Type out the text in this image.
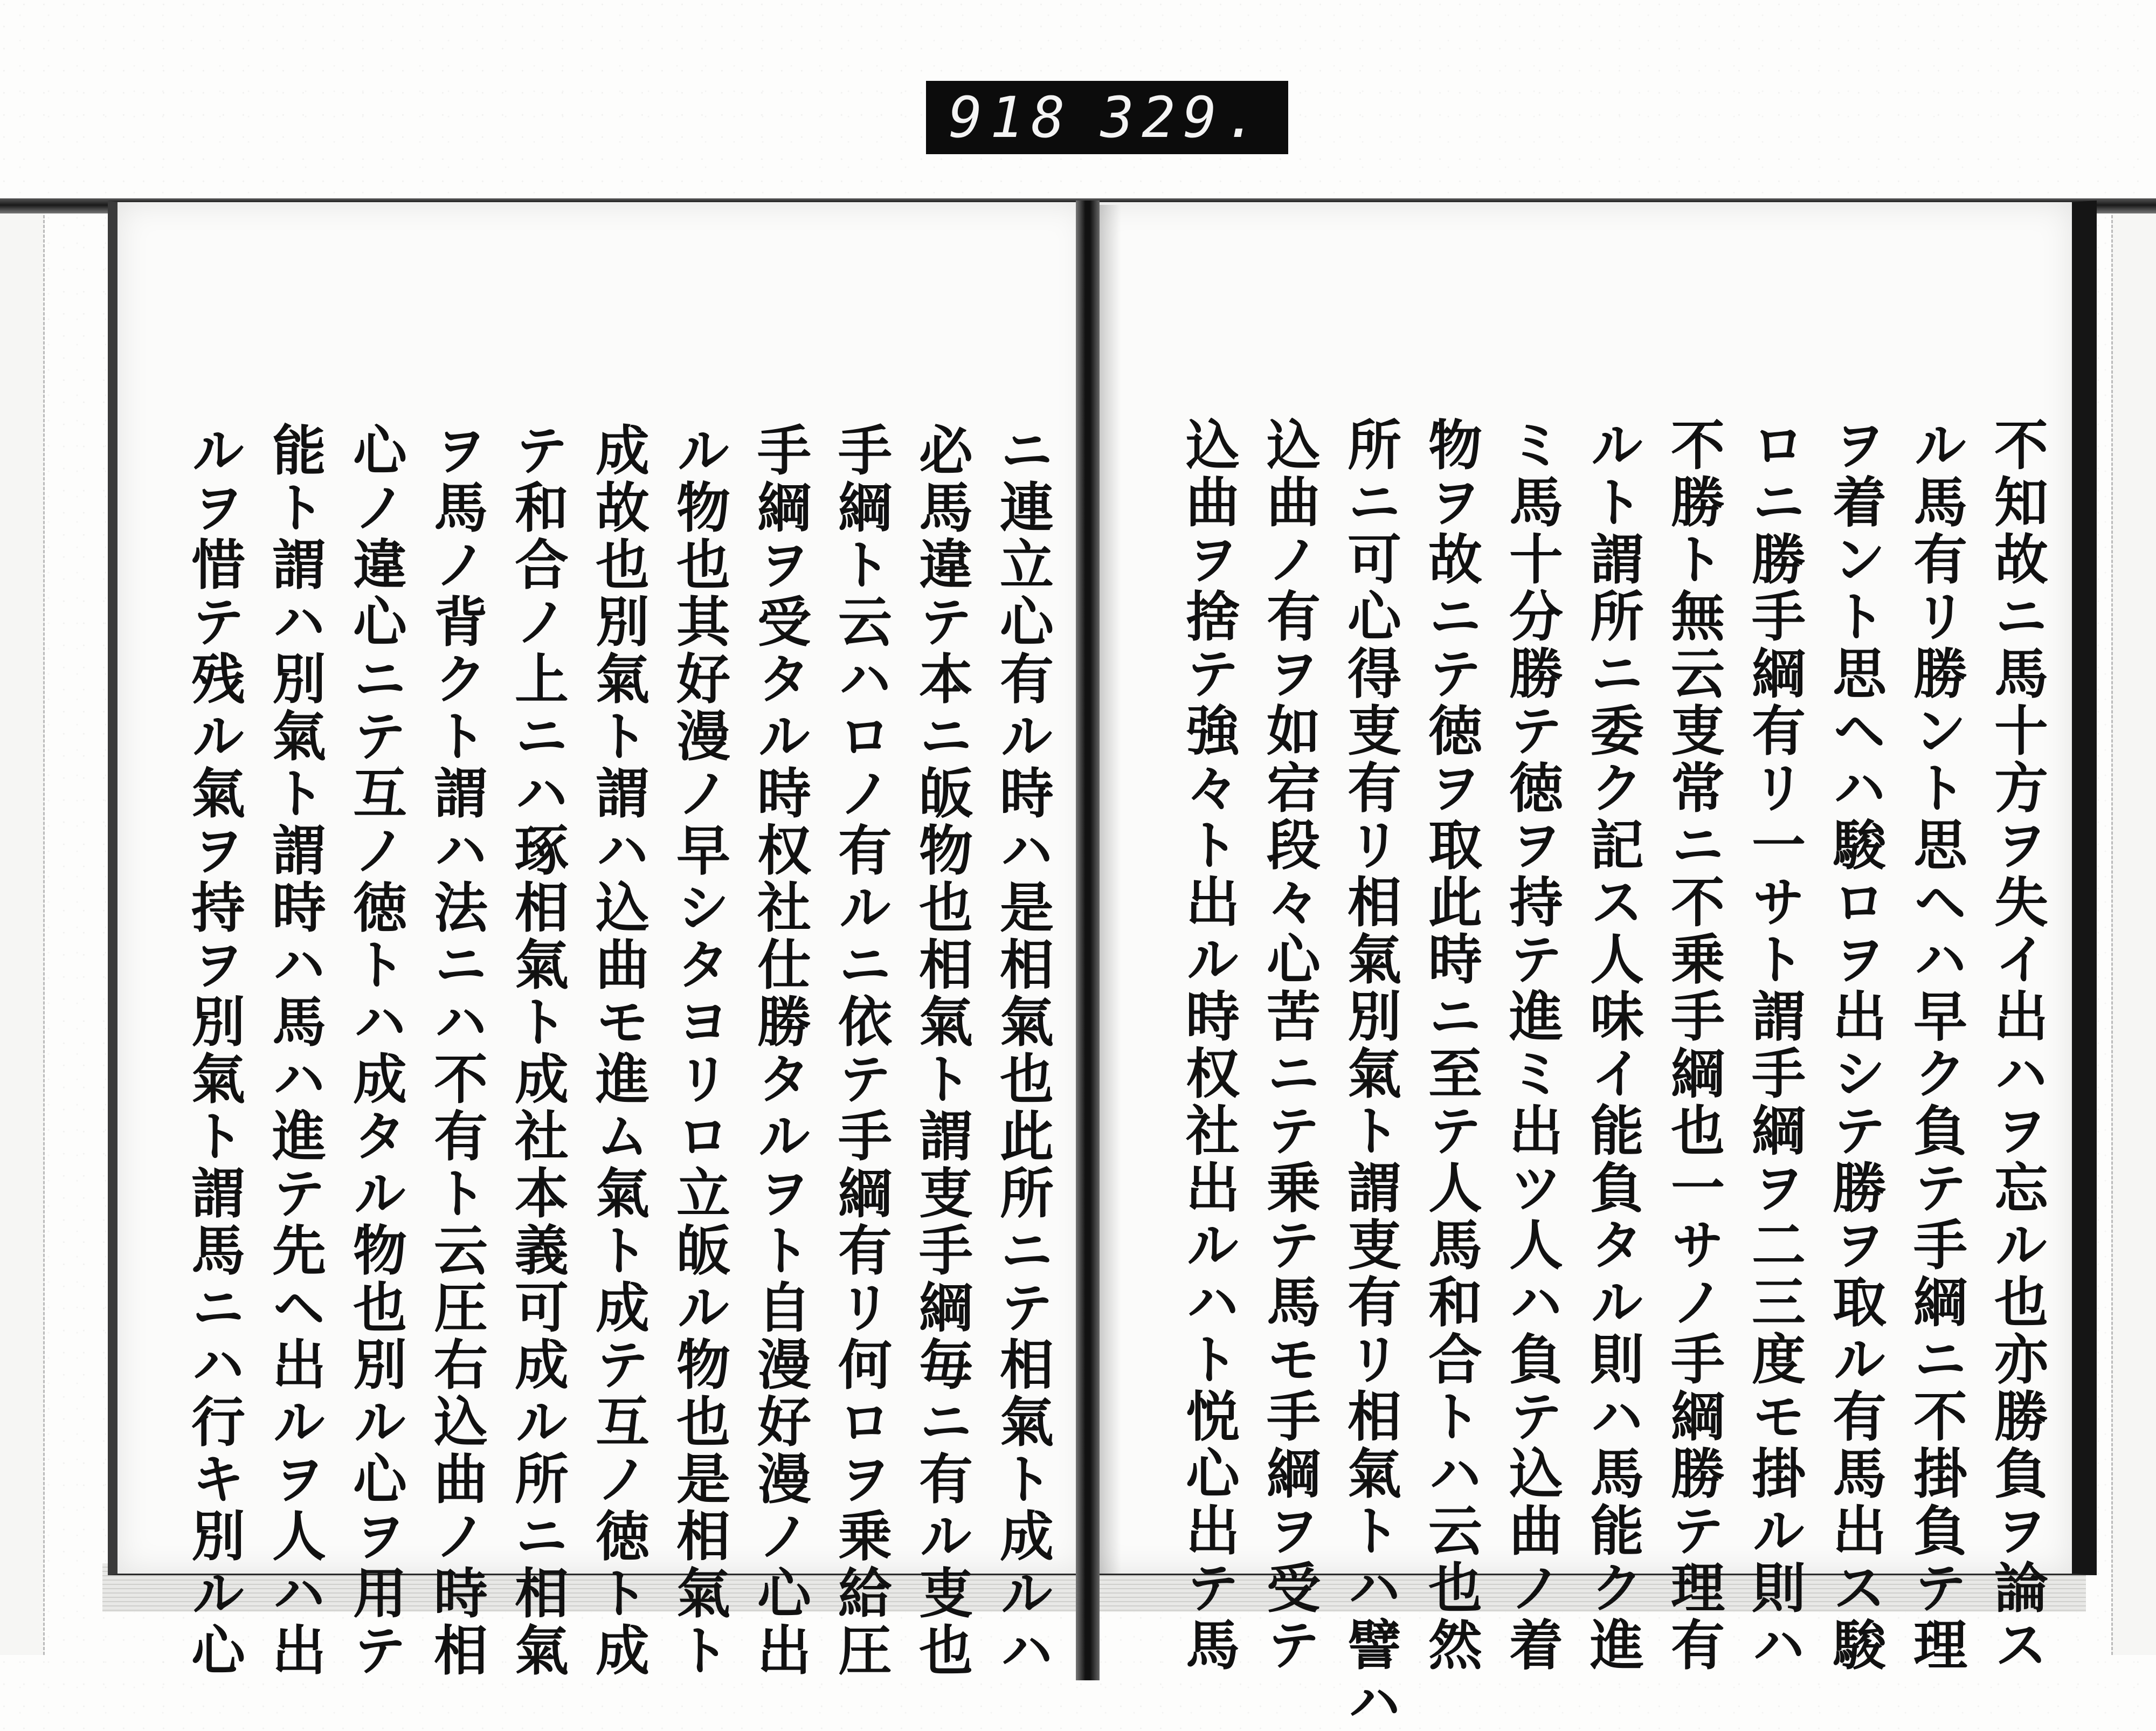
918 329.
ニ連立心有ル時ハ是相氣也此所ニテ相氣ト成ルハ
必馬違テ本ニ皈物也相氣ト謂叓手綱毎ニ有ル叓也
手綱ト云ハロノ有ルニ依テ手綱有リ何ロヲ乗給圧
手綱ヲ受タル時权社仕勝タルヲト自漫好漫ノ心出
ル物也其好漫ノ早シタヨリロ立皈ル物也是相氣ト
成故也別氣ト謂ハ込曲モ進ム氣ト成テ互ノ徳ト成
テ和合ノ上ニハ琢相氣ト成社本義可成ル所ニ相氣
ヲ馬ノ背クト謂ハ法ニハ不有ト云圧右込曲ノ時相
心ノ違心ニテ互ノ徳トハ成タル物也別ル心ヲ用テ
能ト謂ハ別氣ト謂時ハ馬ハ進テ先ヘ出ルヲ人ハ出
ルヲ惜テ残ル氣ヲ持ヲ別氣ト謂馬ニハ行キ別ル心	不知故ニ馬十方ヲ失イ出ハヲ忘ル也亦勝負ヲ論ス
ル馬有リ勝ント思ヘハ早ク負テ手綱ニ不掛負テ理
ヲ着ント思ヘハ駿ロヲ出シテ勝ヲ取ル有馬出ス駿
ロニ勝手綱有リ一サト謂手綱ヲ二三度モ掛ル則ハ
不勝ト無云叓常ニ不乗手綱也一サノ手綱勝テ理有
ルト謂所ニ委ク記ス人味イ能負タル則ハ馬能ク進
ミ馬十分勝テ徳ヲ持テ進ミ出ツ人ハ負テ込曲ノ着
物ヲ故ニテ徳ヲ取此時ニ至テ人馬和合トハ云也然
所ニ可心得叓有リ相氣別氣ト謂叓有リ相氣トハ譬ハ
込曲ノ有ヲ如宕段々心苦ニテ乗テ馬モ手綱ヲ受テ
込曲ヲ捨テ強々ト出ル時权社出ルハト悦心出テ馬
